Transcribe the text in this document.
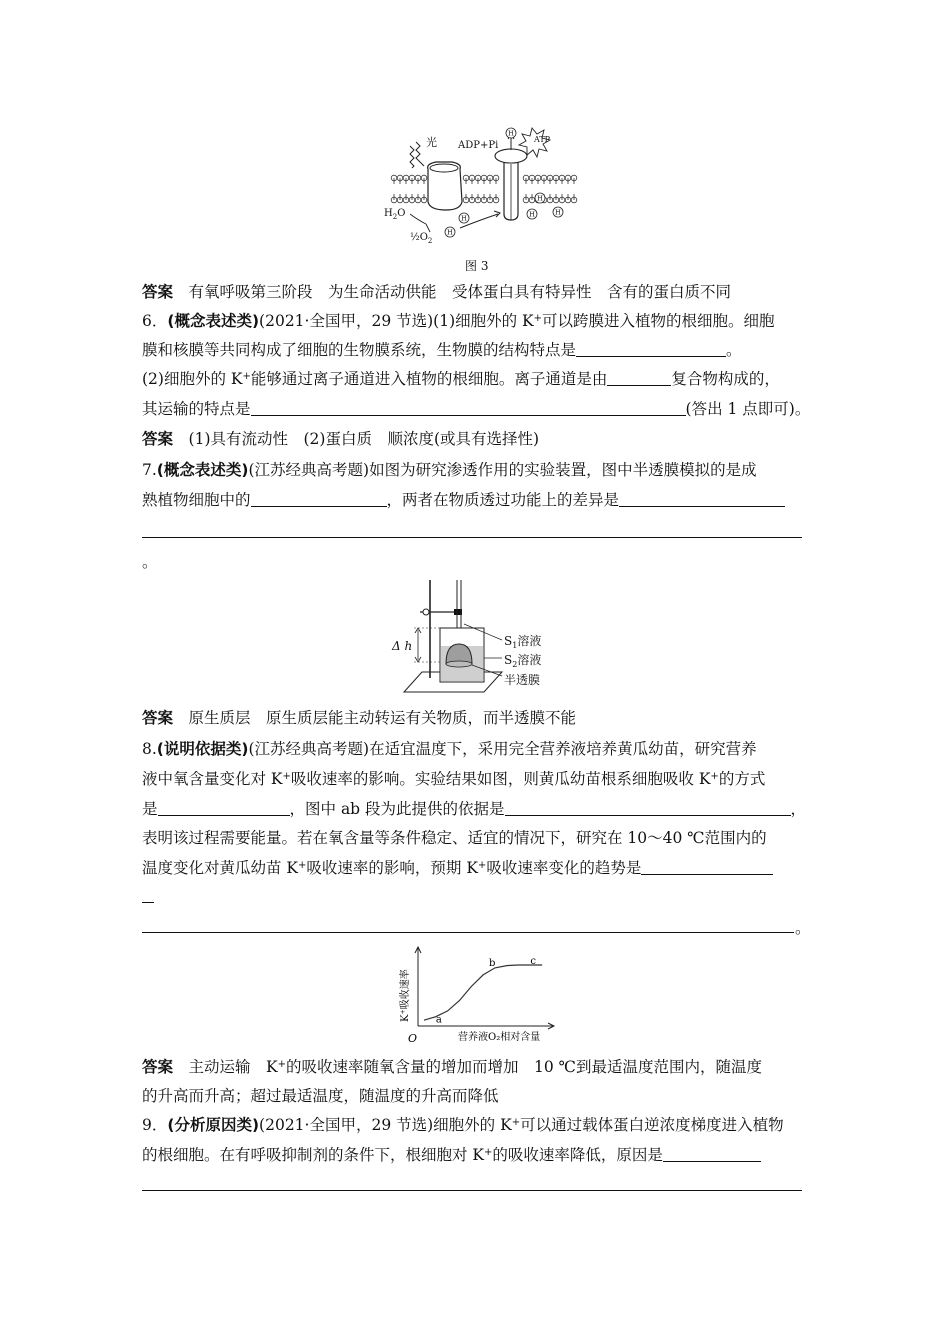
H
H
H
H
H	H
光 ADP+Pi
ATP
$H_2O$
$\frac{1}{2}O_2$
图 3
答案　 有氧呼吸第三阶段　为生命活动供能　受体蛋白具有特异性　含有的蛋白质不同
6．(概念表述类)(2021·全国甲，29 节选)(1)细胞外的 K+可以跨膜进入植物的根细胞。细胞
膜和核膜等共同构成了细胞的生物膜系统，生物膜的结构特点是	。
(2)细胞外的 K+能够通过离子通道进入植物的根细胞。离子通道是由	复合物构成的，
其运输的特点是	(答出 1 点即可)。
答案　 (1)具有流动性　(2)蛋白质　顺浓度(或具有选择性)
7.(概念表述类)(江苏经典高考题)如图为研究渗透作用的实验装置，图中半透膜模拟的是成
熟植物细胞中的	，两者在物质透过功能上的差异是
。
Δ h	$S_1$溶液
$S_2$溶液
半透膜
答案　 原生质层　原生质层能主动转运有关物质，而半透膜不能
8.(说明依据类)(江苏经典高考题)在适宜温度下，采用完全营养液培养黄瓜幼苗，研究营养
液中氧含量变化对 K+吸收速率的影响。实验结果如图，则黄瓜幼苗根系细胞吸收 K+的方式
是	，图中 ab 段为此提供的依据是	，
表明该过程需要能量。若在氧含量等条件稳定、适宜的情况下，研究在 10～40 ℃范围内的
温度变化对黄瓜幼苗 K+吸收速率的影响，预期 K+吸收速率变化的趋势是
。
a
b	c
营养液O₂相对含量
K⁺吸收速率
O
答案　 主动运输　K+的吸收速率随氧含量的增加而增加　10 ℃到最适温度范围内，随温度
的升高而升高；超过最适温度，随温度的升高而降低
9．(分析原因类)(2021·全国甲，29 节选)细胞外的 K+可以通过载体蛋白逆浓度梯度进入植物
的根细胞。在有呼吸抑制剂的条件下，根细胞对 K+的吸收速率降低，原因是
